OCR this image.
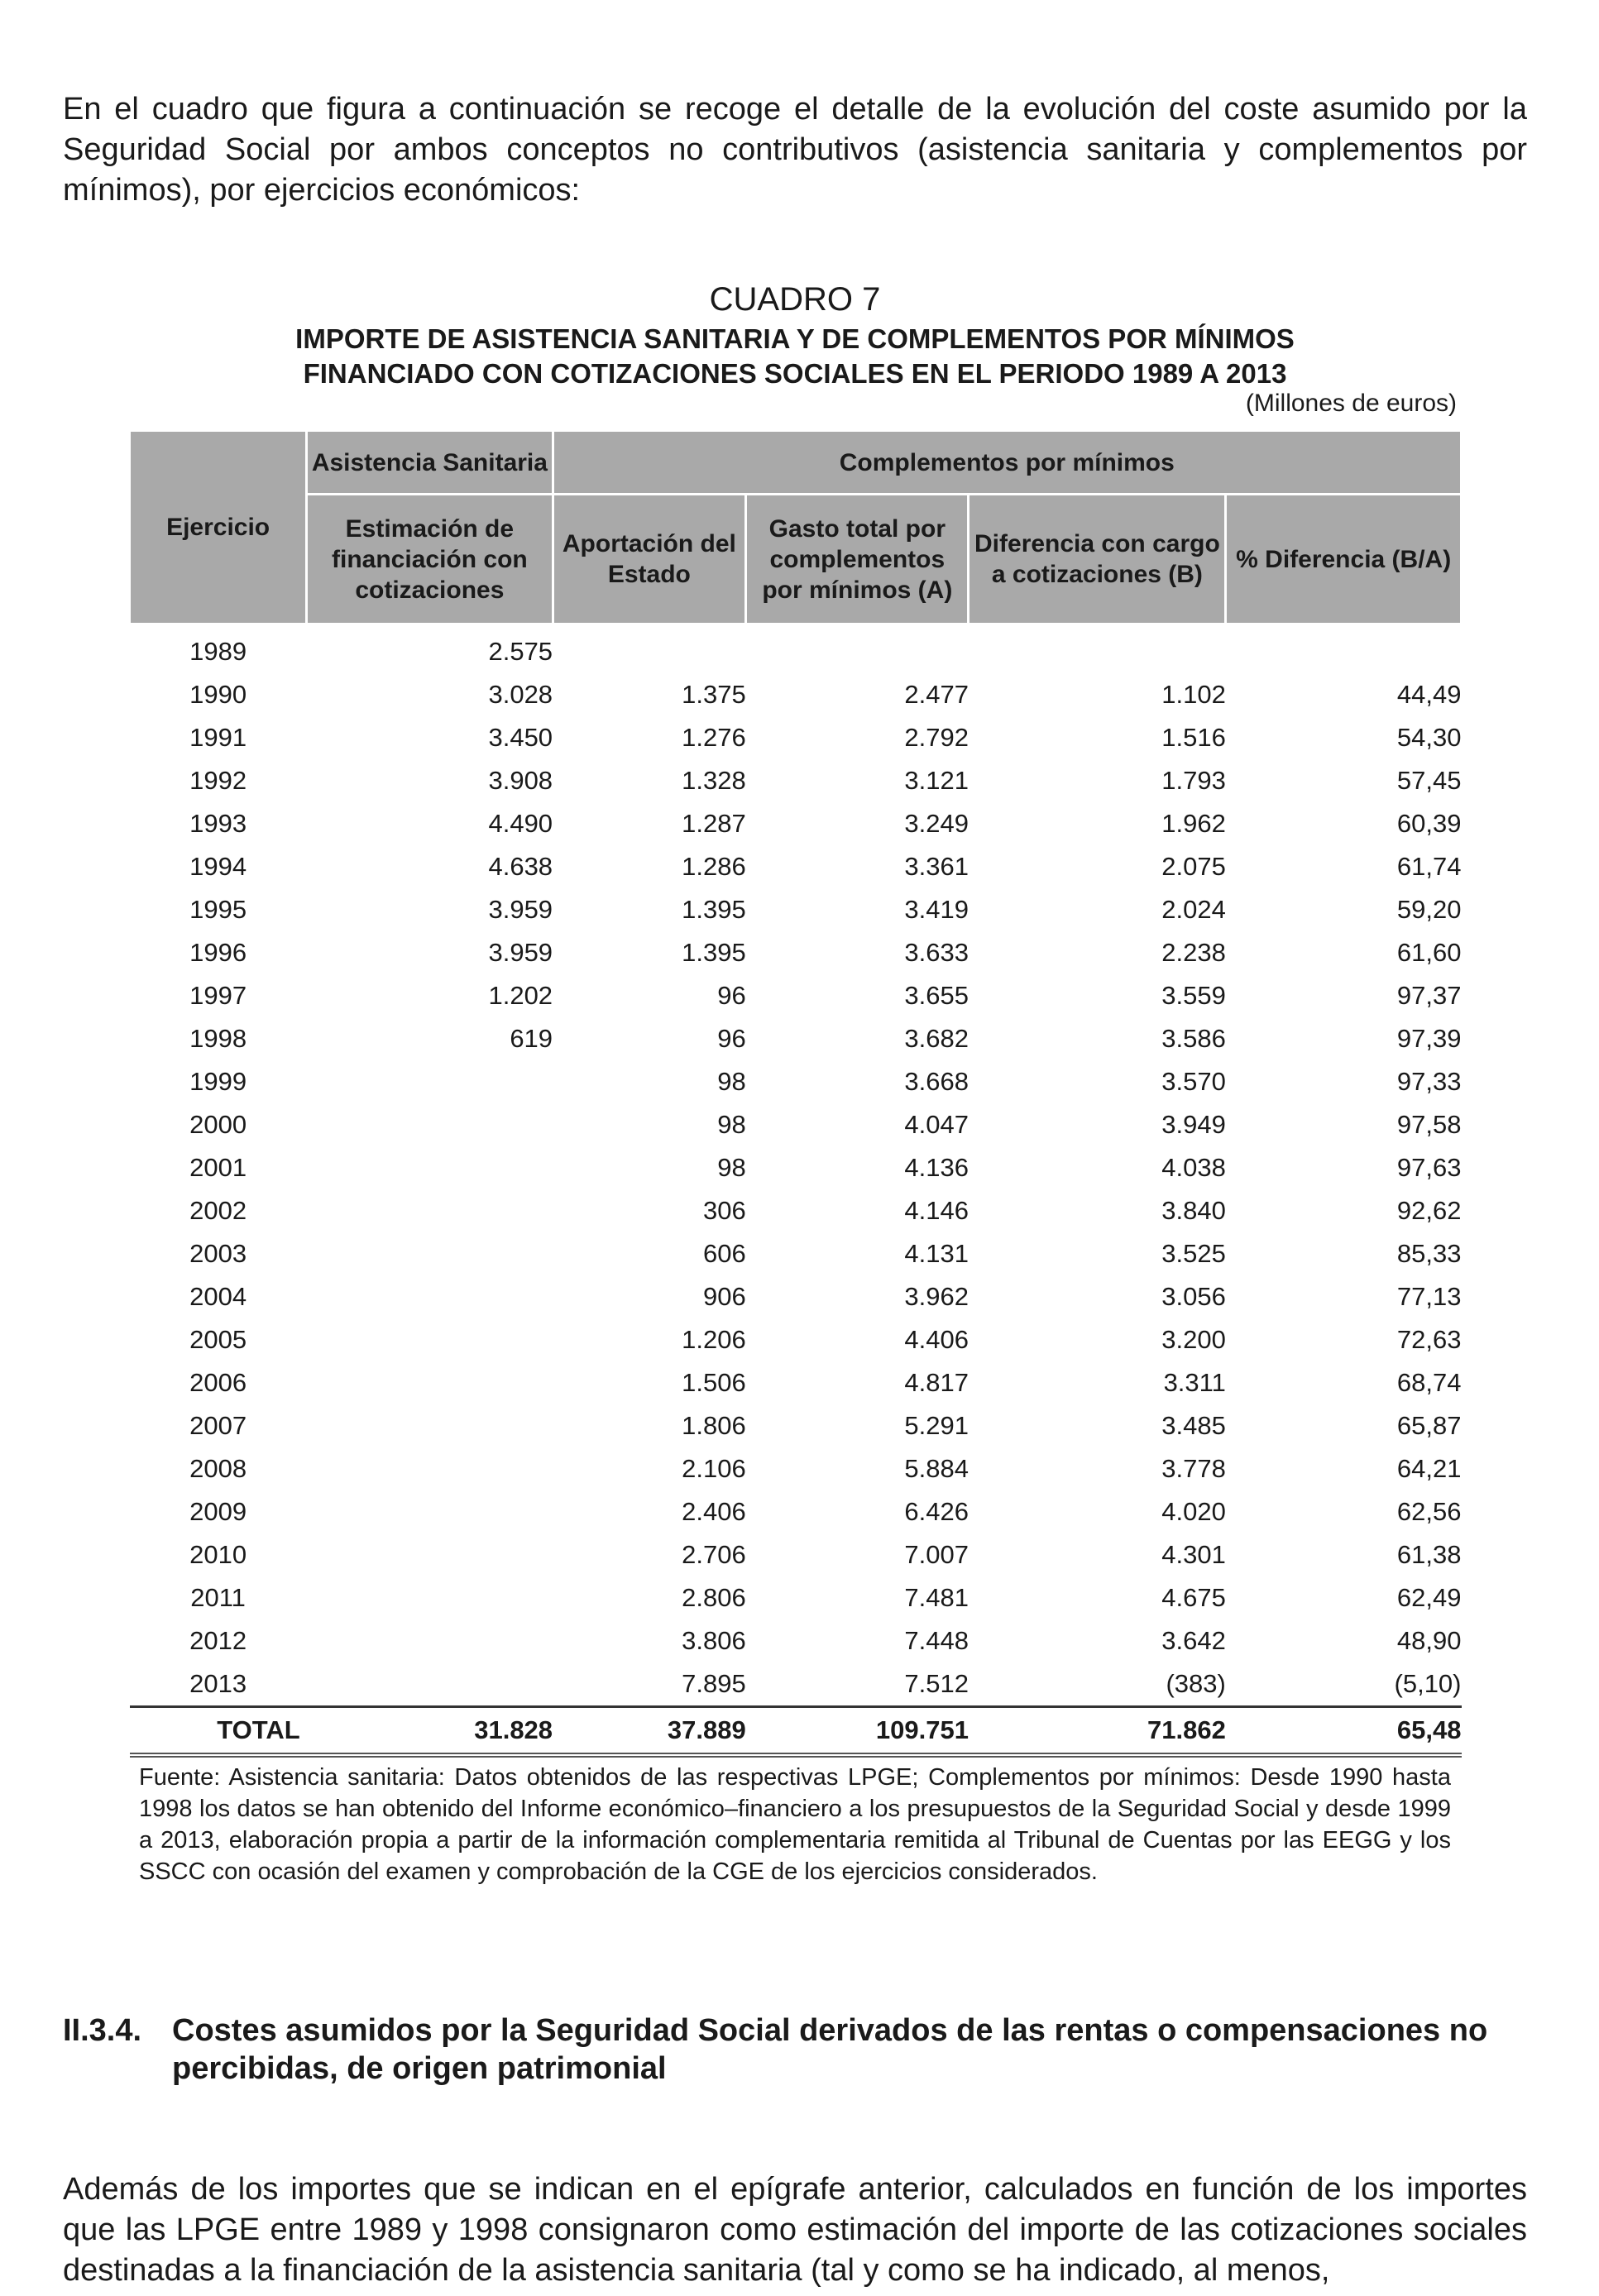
En el cuadro que figura a continuación se recoge el detalle de la evolución del coste asumido por la Seguridad Social por ambos conceptos no contributivos (asistencia sanitaria y complementos por mínimos), por ejercicios económicos:
CUADRO 7
IMPORTE DE ASISTENCIA SANITARIA Y DE COMPLEMENTOS POR MÍNIMOS
FINANCIADO CON COTIZACIONES SOCIALES EN EL PERIODO 1989 A 2013
(Millones de euros)
Ejercicio	Asistencia Sanitaria	Complementos por mínimos			
	Estimación de financiación con cotizaciones	Aportación del Estado	Gasto total por complementos por mínimos (A)	Diferencia con cargo a cotizaciones (B)	% Diferencia (B/A)
1989	2.575				
1990	3.028	1.375	2.477	1.102	44,49
1991	3.450	1.276	2.792	1.516	54,30
1992	3.908	1.328	3.121	1.793	57,45
1993	4.490	1.287	3.249	1.962	60,39
1994	4.638	1.286	3.361	2.075	61,74
1995	3.959	1.395	3.419	2.024	59,20
1996	3.959	1.395	3.633	2.238	61,60
1997	1.202	96	3.655	3.559	97,37
1998	619	96	3.682	3.586	97,39
1999		98	3.668	3.570	97,33
2000		98	4.047	3.949	97,58
2001		98	4.136	4.038	97,63
2002		306	4.146	3.840	92,62
2003		606	4.131	3.525	85,33
2004		906	3.962	3.056	77,13
2005		1.206	4.406	3.200	72,63
2006		1.506	4.817	3.311	68,74
2007		1.806	5.291	3.485	65,87
2008		2.106	5.884	3.778	64,21
2009		2.406	6.426	4.020	62,56
2010		2.706	7.007	4.301	61,38
2011		2.806	7.481	4.675	62,49
2012		3.806	7.448	3.642	48,90
2013		7.895	7.512	(383)	(5,10)
TOTAL	31.828	37.889	109.751	71.862	65,48
Fuente: Asistencia sanitaria: Datos obtenidos de las respectivas LPGE; Complementos por mínimos: Desde 1990 hasta 1998 los datos se han obtenido del Informe económico–financiero a los presupuestos de la Seguridad Social y desde 1999 a 2013, elaboración propia a partir de la información complementaria remitida al Tribunal de Cuentas por las EEGG y los SSCC con ocasión del examen y comprobación de la CGE de los ejercicios considerados.
II.3.4. Costes asumidos por la Seguridad Social derivados de las rentas o compensaciones no percibidas, de origen patrimonial
Además de los importes que se indican en el epígrafe anterior, calculados en función de los importes que las LPGE entre 1989 y 1998 consignaron como estimación del importe de las cotizaciones sociales destinadas a la financiación de la asistencia sanitaria (tal y como se ha indicado, al menos,
